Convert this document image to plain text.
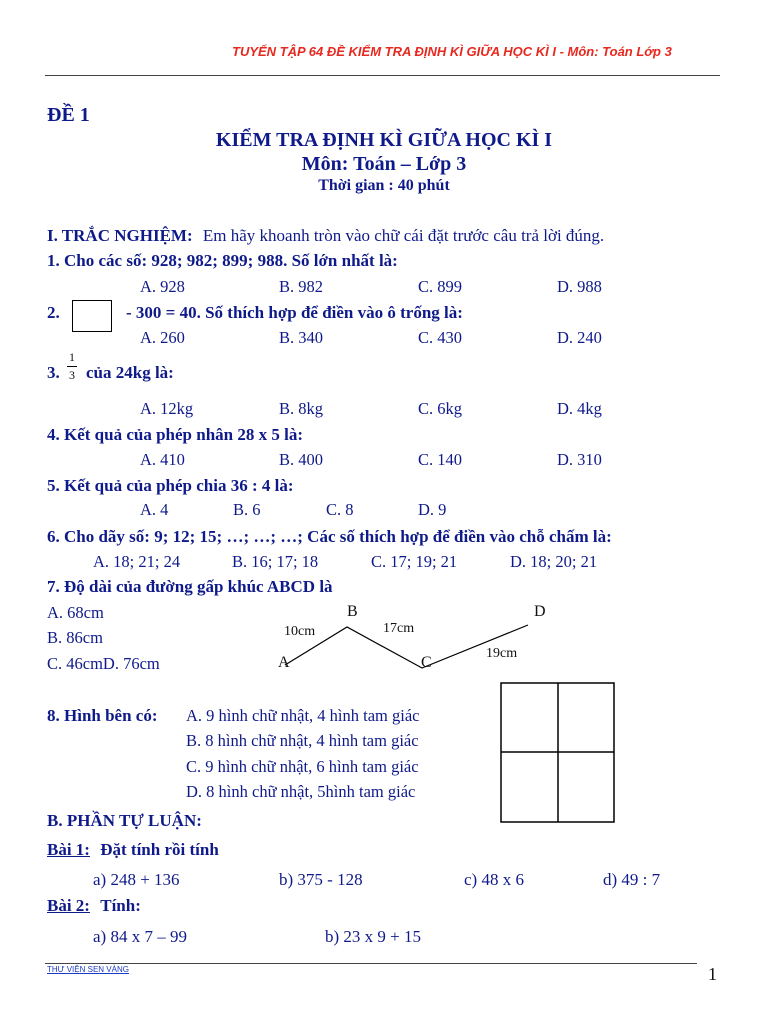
TUYỂN TẬP 64 ĐỀ KIỂM TRA ĐỊNH KÌ GIỮA HỌC KÌ I - Môn: Toán Lớp 3
ĐỀ 1
KIỂM TRA ĐỊNH KÌ GIỮA HỌC KÌ I
Môn: Toán – Lớp 3
Thời gian : 40 phút
I. TRẮC NGHIỆM: Em hãy khoanh tròn vào chữ cái đặt trước câu trả lời đúng.
1. Cho các số: 928; 982; 899; 988. Số lớn nhất là:
A. 928	B. 982	C. 899	D. 988
2.	- 300 = 40. Số thích hợp để điền vào ô trống là:
A. 260	B. 340	C. 430	D. 240
3.
1
3 của 24kg là:
A. 12kg	B. 8kg	C. 6kg	D. 4kg
4. Kết quả của phép nhân 28 x 5 là:
A. 410	B. 400	C. 140	D. 310
5. Kết quả của phép chia 36 : 4 là:
A. 4	B. 6	C. 8	D. 9
6. Cho dãy số: 9; 12; 15; …; …; …; Các số thích hợp để điền vào chỗ chấm là:
A. 18; 21; 24	B. 16; 17; 18	C. 17; 19; 21	D. 18; 20; 21
7. Độ dài của đường gấp khúc ABCD là
A. 68cm
B. 86cm
C. 46cmD. 76cm
B	D
A	C
10cm	17cm
19cm
8. Hình bên có: A. 9 hình chữ nhật, 4 hình tam giác
B. 8 hình chữ nhật, 4 hình tam giác
C. 9 hình chữ nhật, 6 hình tam giác
D. 8 hình chữ nhật, 5hình tam giác
B. PHẦN TỰ LUẬN:
Bài 1: Đặt tính rồi tính
a) 248 + 136	b) 375 - 128	c) 48 x 6	d) 49 : 7
Bài 2: Tính:
a) 84 x 7 – 99	b) 23 x 9 + 15
THƯ VIỆN SEN VÀNG	1
